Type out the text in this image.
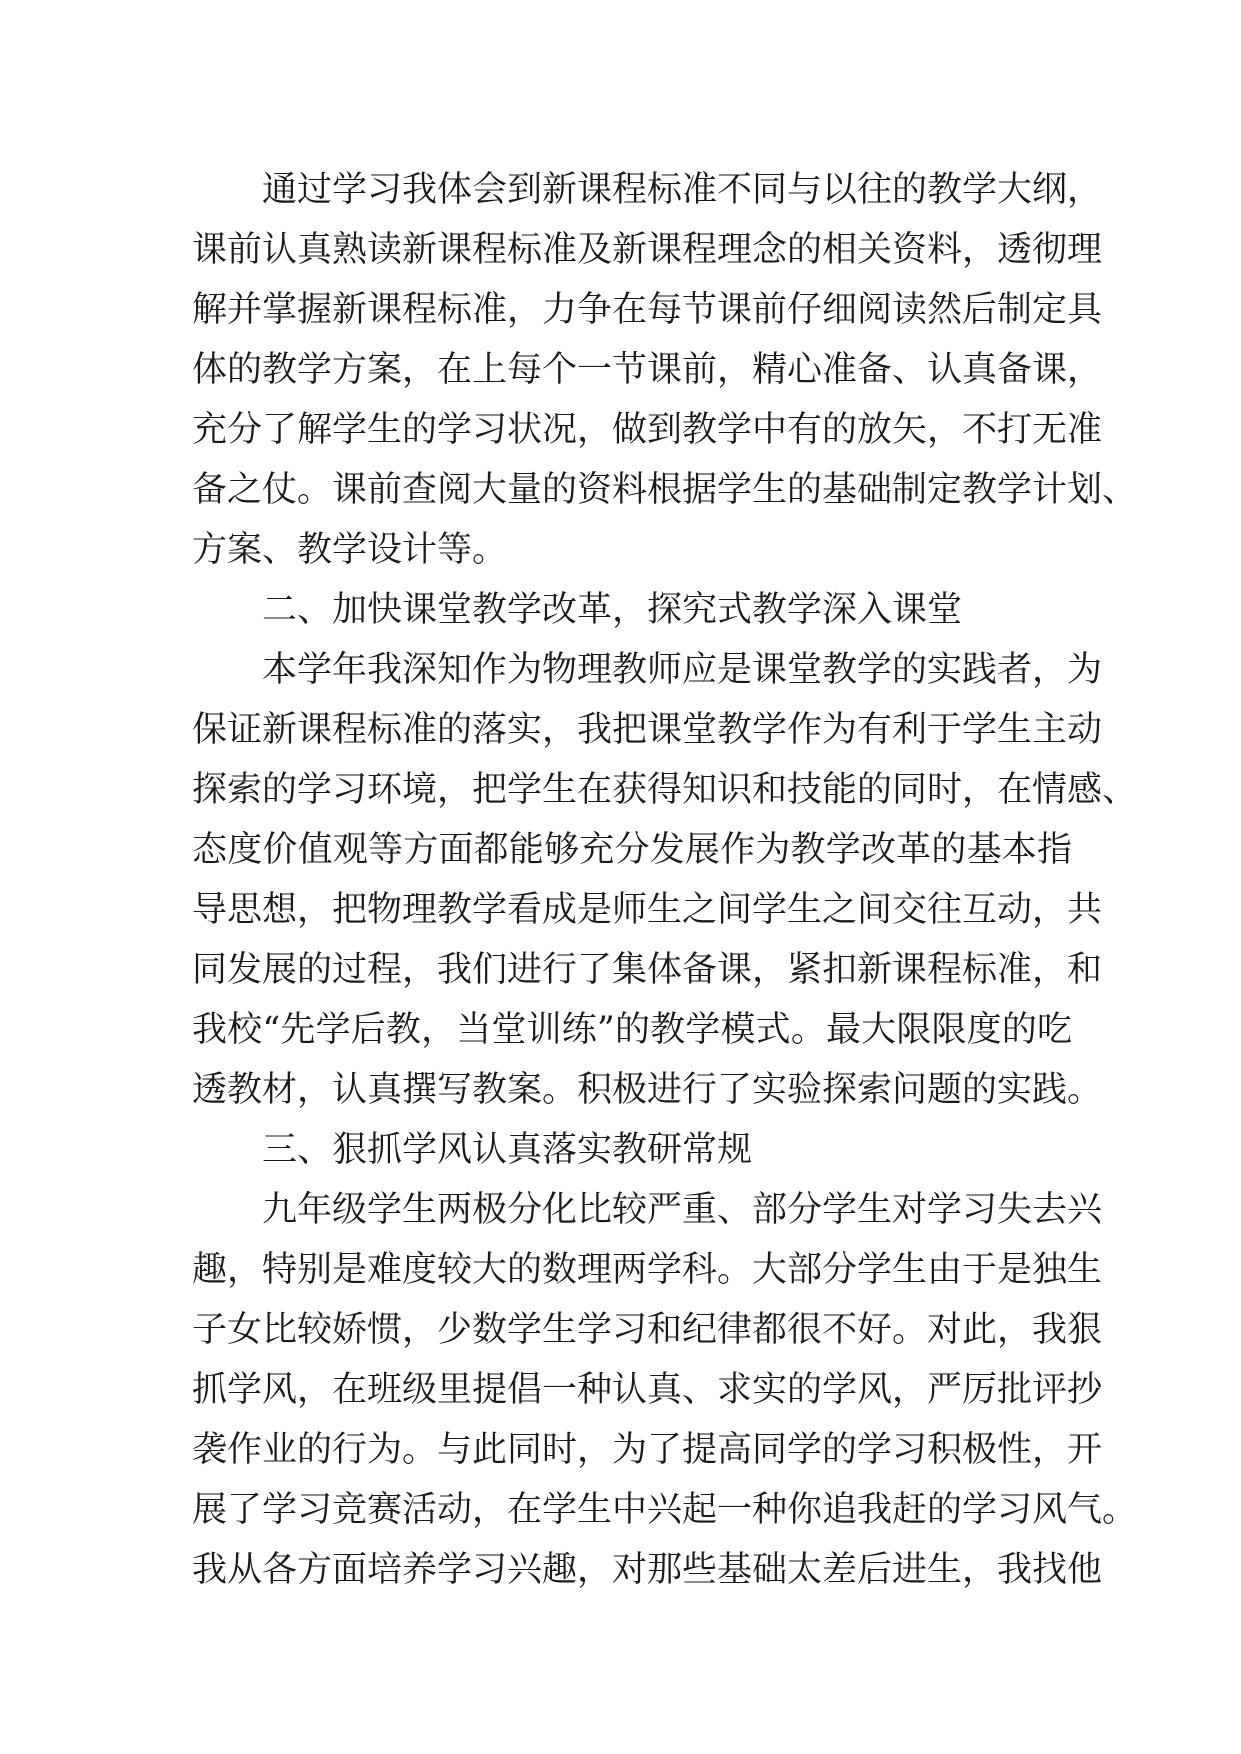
通过学习我体会到新课程标准不同与以往的教学大纲，
课前认真熟读新课程标准及新课程理念的相关资料，透彻理
解并掌握新课程标准，力争在每节课前仔细阅读然后制定具
体的教学方案，在上每个一节课前，精心准备、认真备课，
充分了解学生的学习状况，做到教学中有的放矢，不打无准
备之仗。课前查阅大量的资料根据学生的基础制定教学计划、
方案、教学设计等。
二、加快课堂教学改革，探究式教学深入课堂
本学年我深知作为物理教师应是课堂教学的实践者，为
保证新课程标准的落实，我把课堂教学作为有利于学生主动
探索的学习环境，把学生在获得知识和技能的同时，在情感、
态度价值观等方面都能够充分发展作为教学改革的基本指
导思想，把物理教学看成是师生之间学生之间交往互动，共
同发展的过程，我们进行了集体备课，紧扣新课程标准，和
我校“先学后教，当堂训练”的教学模式。最大限限度的吃
透教材，认真撰写教案。积极进行了实验探索问题的实践。
三、狠抓学风认真落实教研常规
九年级学生两极分化比较严重、部分学生对学习失去兴
趣，特别是难度较大的数理两学科。大部分学生由于是独生
子女比较娇惯，少数学生学习和纪律都很不好。对此，我狠
抓学风，在班级里提倡一种认真、求实的学风，严厉批评抄
袭作业的行为。与此同时，为了提高同学的学习积极性，开
展了学习竞赛活动，在学生中兴起一种你追我赶的学习风气。
我从各方面培养学习兴趣，对那些基础太差后进生，我找他
